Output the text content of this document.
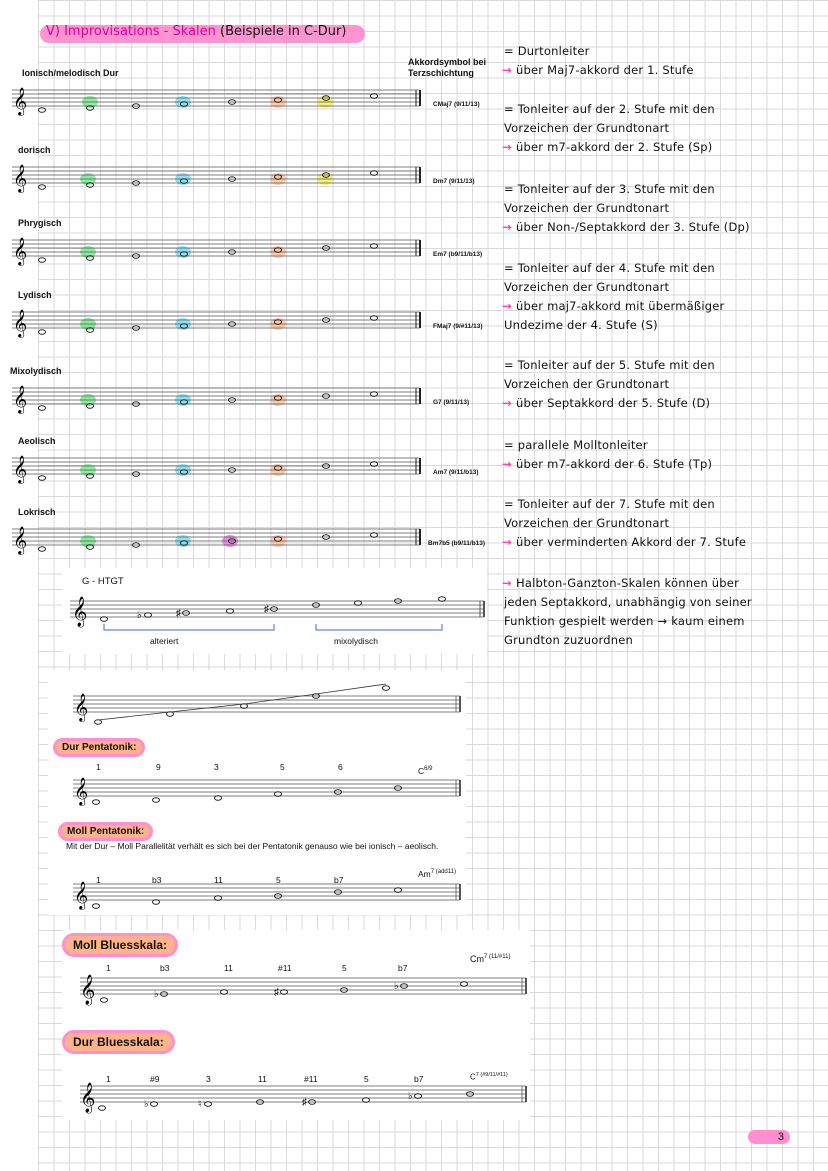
V) Improvisations - Skalen (Beispiele in C-Dur)
Akkordsymbol bei Terzschichtung
Ionisch/melodisch Dur
𝄞	CMaj7 (9/11/13)
dorisch
𝄞	Dm7 (9/11/13)
Phrygisch
𝄞	Em7 (b9/11/b13)
Lydisch
𝄞	FMaj7 (9/#11/13)
Mixolydisch
𝄞	G7 (9/11/13)
Aeolisch
𝄞	Am7 (9/11/b13)
Lokrisch
𝄞	Bm7b5 (b9/11/b13)
= Durtonleiter
→ über Maj7-akkord der 1. Stufe
= Tonleiter auf der 2. Stufe mit den
Vorzeichen der Grundtonart
→ über m7-akkord der 2. Stufe (Sp)
= Tonleiter auf der 3. Stufe mit den
Vorzeichen der Grundtonart
→ über Non-/Septakkord der 3. Stufe (Dp)
= Tonleiter auf der 4. Stufe mit den
Vorzeichen der Grundtonart
→ über maj7-akkord mit übermäßiger
Undezime der 4. Stufe (S)
= Tonleiter auf der 5. Stufe mit den
Vorzeichen der Grundtonart
→ über Septakkord der 5. Stufe (D)
= parallele Molltonleiter
→ über m7-akkord der 6. Stufe (Tp)
= Tonleiter auf der 7. Stufe mit den
Vorzeichen der Grundtonart
→ über verminderten Akkord der 7. Stufe
→ Halbton-Ganzton-Skalen können über
jeden Septakkord, unabhängig von seiner
Funktion gespielt werden → kaum einem
Grundton zuzuordnen
G - HTGT
𝄞	♭	♯	♯
alteriert	mixolydisch
𝄞
Dur Pentatonik:
1	9	3	5	6	$C^{6/9}$
𝄞
Moll Pentatonik:
Mit der Dur – Moll Parallelität verhält es sich bei der Pentatonik genauso wie bei ionisch – aeolisch.
1	b3	11	5	b7
$Am^{7 (add11)}$
𝄞
Moll Bluesskala:
1	b3	11	#11	5	b7
$Cm^{7 (11/\#11)}$
𝄞	♭	♯
♭
Dur Bluesskala:
1	#9	3	11	#11	5	b7	$C^{7 (\#9/11/\#11)}$
𝄞	♭	♮	♯
♭
3
